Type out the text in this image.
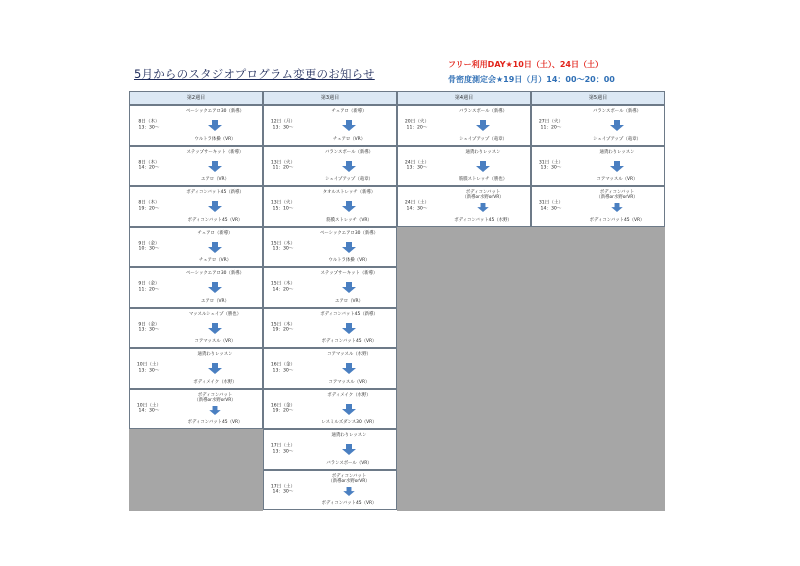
5月からのスタジオプログラム変更のお知らせ
フリー利用DAY★10日（土）、24日（土）
骨密度測定会★19日（月）14：00～20：00
第2週目
8日（木）
13：30～
ベーシックエアロ30（新導）
ウルトラ体操（VR）
8日（木）
14：20～
ステップサーキット（新導）
エアロ（VR）
8日（木）
19：20～
ボディコンバット45（新導）
ボディコンバット45（VR）
9日（金）
10：30～
チェアロ（新導）
チェアロ（VR）
9日（金）
11：20～
ベーシックエアロ30（新導）
エアロ（VR）
9日（金）
13：30～
マッスルシェイプ（勝也）
コアマッスル（VR）
10日（土）
13：30～
通貨わりレッスン
ボディメイク（水野）
10日（土）
14：30～
ボディコンバット
（新導or水野orVR）
ボディコンバット45（VR）
第3週目
12日（月）
13：30～
チェアロ（新導）
チェアロ（VR）
13日（火）
11：20～
バランスボール（新導）
シェイプアップ（竜章）
13日（火）
15：10～
タオルストレッチ（新導）
筋膜ストレッチ（VR）
15日（木）
13：30～
ベーシックエアロ30（新導）
ウルトラ体操（VR）
15日（木）
14：20～
ステップサーキット（新導）
エアロ（VR）
15日（木）
19：20～
ボディコンバット45（新導）
ボディコンバット45（VR）
16日（金）
13：30～
コアマッスル（水野）
コアマッスル（VR）
16日（金）
19：20～
ボディメイク（水野）
レスミルズダンス30（VR）
17日（土）
13：30～
通貨わりレッスン
バランスボール（VR）
17日（土）
14：30～
ボディコンバット
（新導or水野orVR）
ボディコンバット45（VR）
第4週目
20日（火）
11：20～
バランスボール（新導）
シェイプアップ（竜章）
24日（土）
13：30～
通貨わりレッスン
筋膜ストレッチ（勝也）
24日（土）
14：30～
ボディコンバット
（新導or水野orVR）
ボディコンバット45（水野）
第5週目
27日（火）
11：20～
バランスボール（新導）
シェイプアップ（竜章）
31日（土）
13：30～
通貨わりレッスン
コアマッスル（VR）
31日（土）
14：30～
ボディコンバット
（新導or水野orVR）
ボディコンバット45（VR）
